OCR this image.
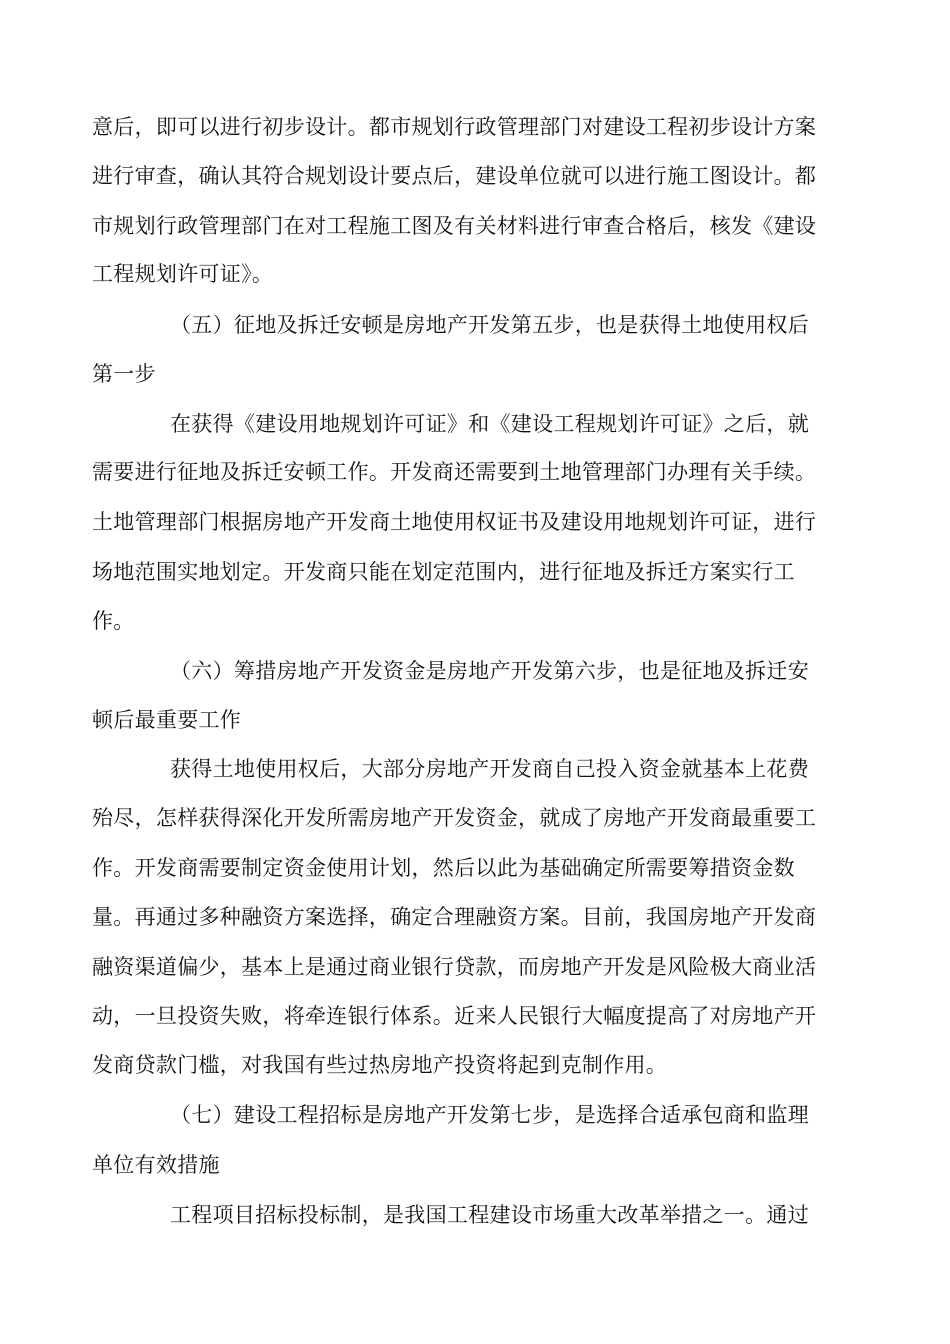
意后，即可以进行初步设计。都市规划行政管理部门对建设工程初步设计方案
进行审查，确认其符合规划设计要点后，建设单位就可以进行施工图设计。都
市规划行政管理部门在对工程施工图及有关材料进行审查合格后，核发《建设
工程规划许可证》。
（五）征地及拆迁安顿是房地产开发第五步，也是获得土地使用权后
第一步
在获得《建设用地规划许可证》和《建设工程规划许可证》之后，就
需要进行征地及拆迁安顿工作。开发商还需要到土地管理部门办理有关手续。
土地管理部门根据房地产开发商土地使用权证书及建设用地规划许可证，进行
场地范围实地划定。开发商只能在划定范围内，进行征地及拆迁方案实行工
作。
（六）筹措房地产开发资金是房地产开发第六步，也是征地及拆迁安
顿后最重要工作
获得土地使用权后，大部分房地产开发商自己投入资金就基本上花费
殆尽，怎样获得深化开发所需房地产开发资金，就成了房地产开发商最重要工
作。开发商需要制定资金使用计划，然后以此为基础确定所需要筹措资金数
量。再通过多种融资方案选择，确定合理融资方案。目前，我国房地产开发商
融资渠道偏少，基本上是通过商业银行贷款，而房地产开发是风险极大商业活
动，一旦投资失败，将牵连银行体系。近来人民银行大幅度提高了对房地产开
发商贷款门槛，对我国有些过热房地产投资将起到克制作用。
（七）建设工程招标是房地产开发第七步，是选择合适承包商和监理
单位有效措施
工程项目招标投标制，是我国工程建设市场重大改革举措之一。通过
